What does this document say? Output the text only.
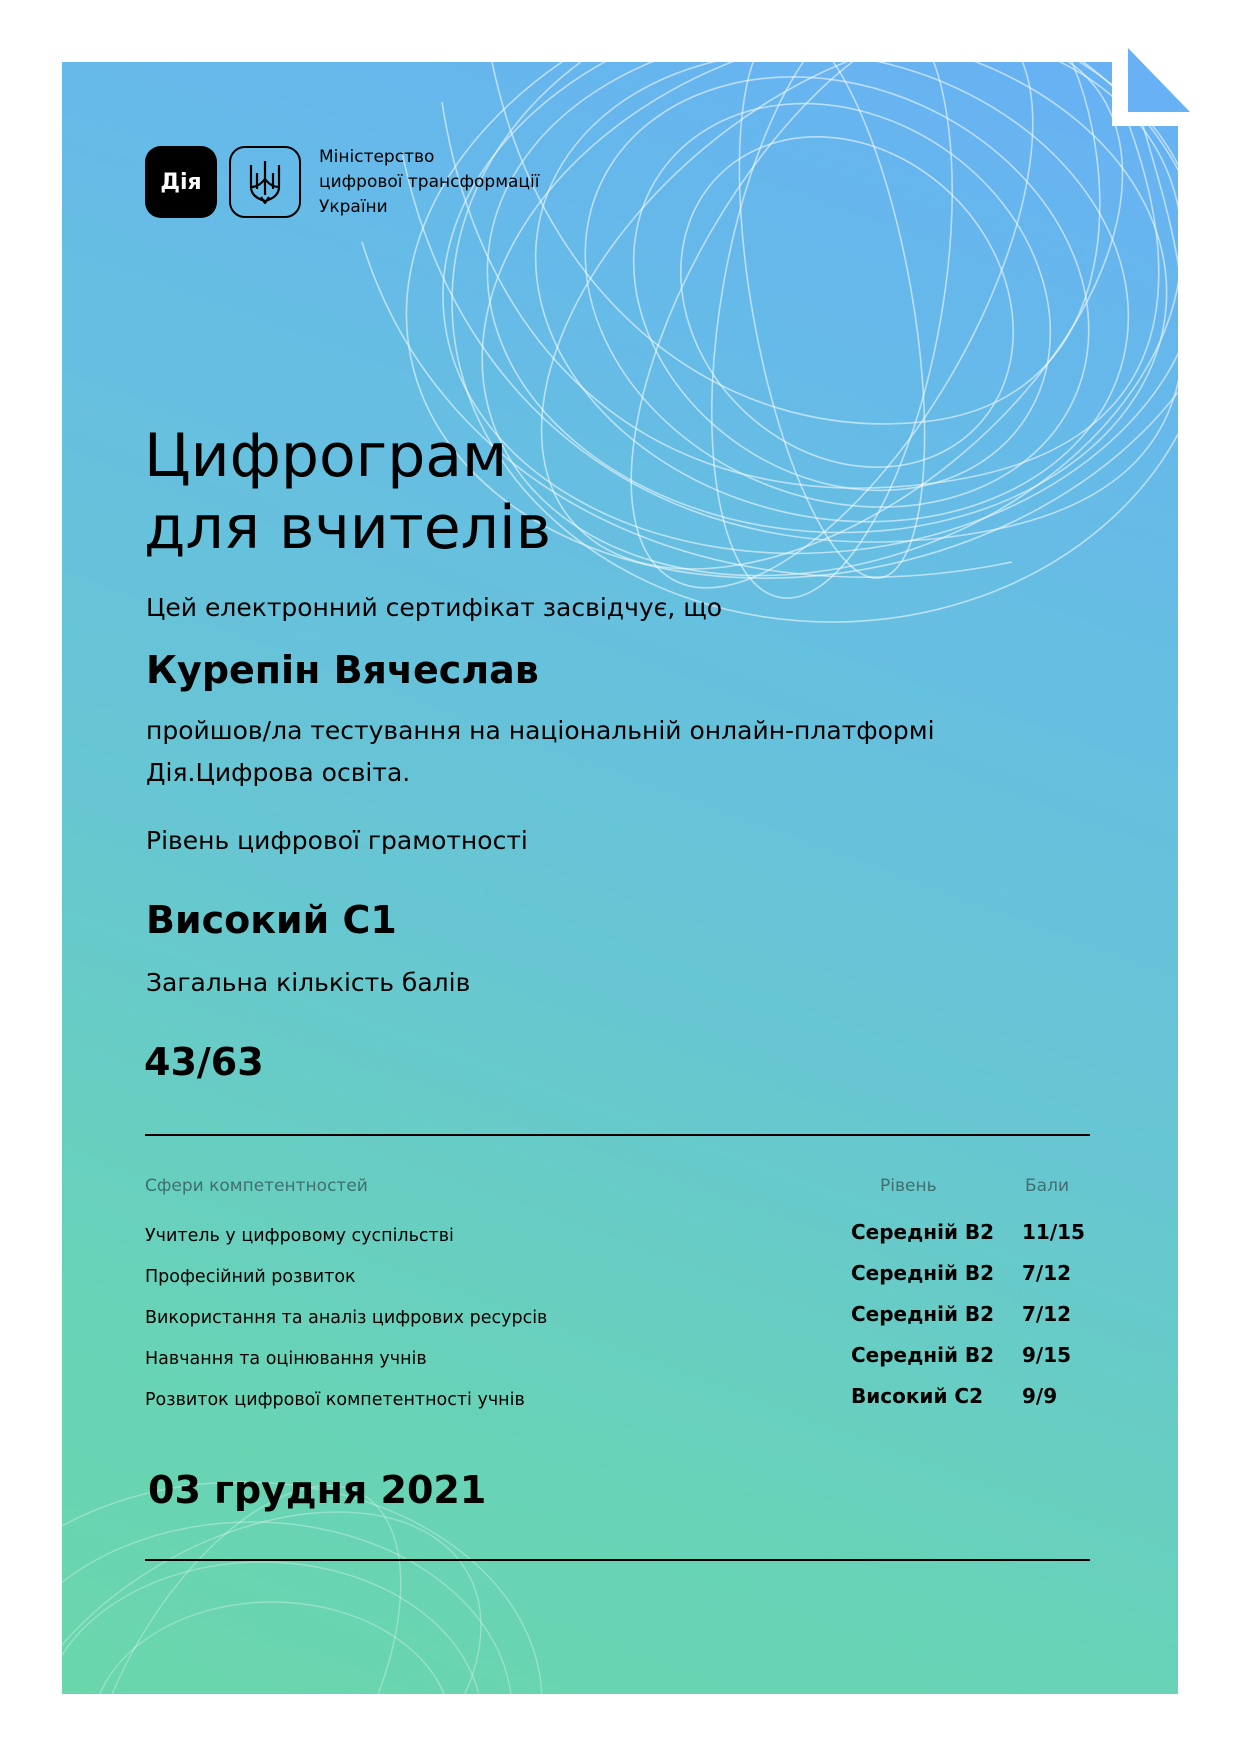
Дія
Міністерство
цифрової трансформації
України
Цифрограм
для вчителів

Цей електронний сертифікат засвідчує, що

Курепін Вячеслав

пройшов/ла тестування на національній онлайн-платформі
Дія.Цифрова освіта.

Рівень цифрової грамотності

Високий С1

Загальна кількість балів

43/63

Сфери компетентностей	Рівень	Бали
Учитель у цифровому суспільстві	Середній В2 11/15
Професійний розвиток	Середній В2 7/12
Використання та аналіз цифрових ресурсів	Середній В2 7/12
Навчання та оцінювання учнів	Середній В2 9/15
Розвиток цифрової компетентності учнів	Високий С2 9/9

03 грудня 2021
